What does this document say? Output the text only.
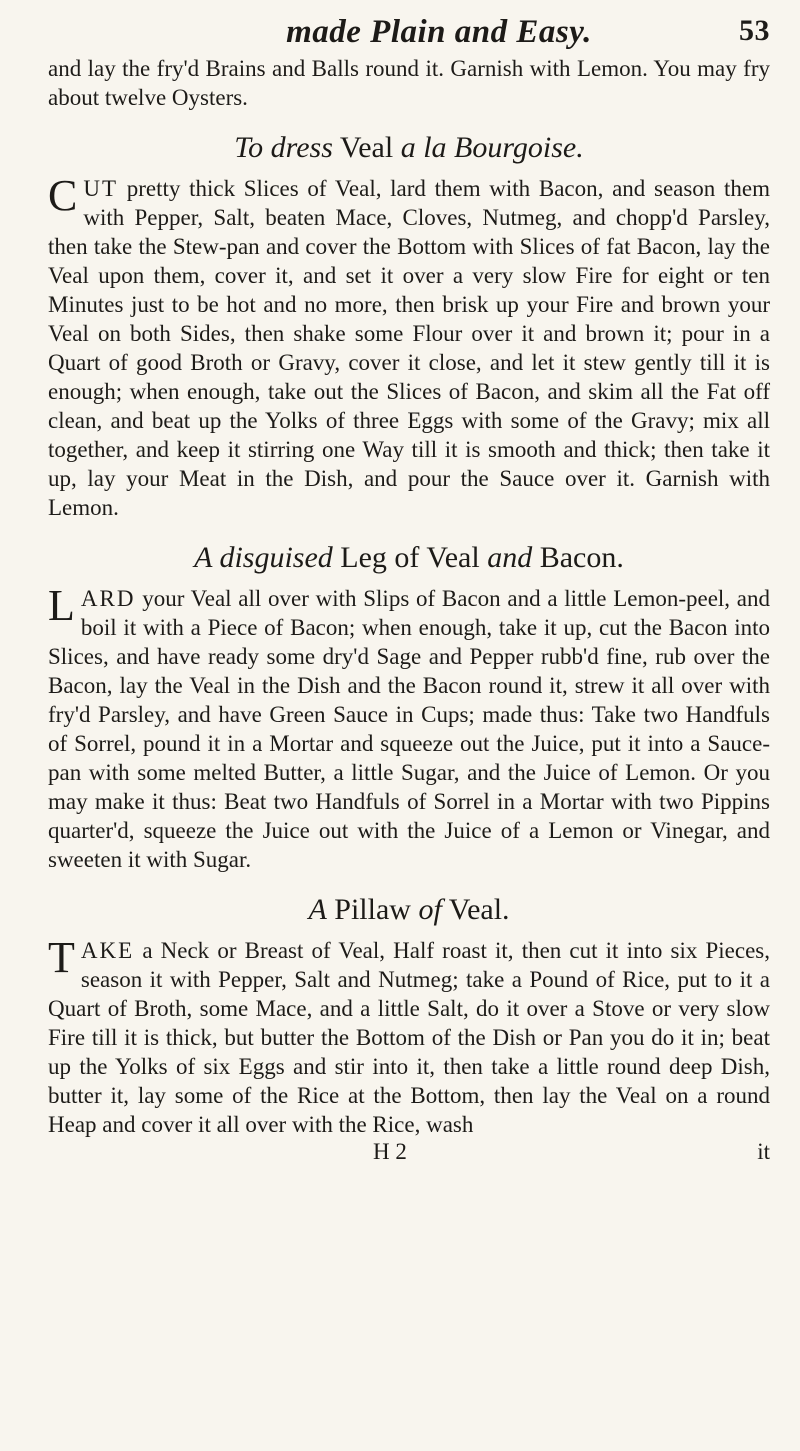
made Plain and Easy.	53

and lay the fry'd Brains and Balls round it. Garnish with Lemon. You may fry about twelve Oysters.

To dress Veal a la Bourgoise.

CUT pretty thick Slices of Veal, lard them with Bacon, and season them with Pepper, Salt, beaten Mace, Cloves, Nutmeg, and chopp'd Parsley, then take the Stew-pan and cover the Bottom with Slices of fat Bacon, lay the Veal upon them, cover it, and set it over a very slow Fire for eight or ten Minutes just to be hot and no more, then brisk up your Fire and brown your Veal on both Sides, then shake some Flour over it and brown it; pour in a Quart of good Broth or Gravy, cover it close, and let it stew gently till it is enough; when enough, take out the Slices of Bacon, and skim all the Fat off clean, and beat up the Yolks of three Eggs with some of the Gravy; mix all together, and keep it stirring one Way till it is smooth and thick; then take it up, lay your Meat in the Dish, and pour the Sauce over it. Garnish with Lemon.

A disguised Leg of Veal and Bacon.

LARD your Veal all over with Slips of Bacon and a little Lemon-peel, and boil it with a Piece of Bacon; when enough, take it up, cut the Bacon into Slices, and have ready some dry'd Sage and Pepper rubb'd fine, rub over the Bacon, lay the Veal in the Dish and the Bacon round it, strew it all over with fry'd Parsley, and have Green Sauce in Cups; made thus: Take two Handfuls of Sorrel, pound it in a Mortar and squeeze out the Juice, put it into a Sauce-pan with some melted Butter, a little Sugar, and the Juice of Lemon. Or you may make it thus: Beat two Handfuls of Sorrel in a Mortar with two Pippins quarter'd, squeeze the Juice out with the Juice of a Lemon or Vinegar, and sweeten it with Sugar.

A Pillaw of Veal.

TAKE a Neck or Breast of Veal, Half roast it, then cut it into six Pieces, season it with Pepper, Salt and Nutmeg; take a Pound of Rice, put to it a Quart of Broth, some Mace, and a little Salt, do it over a Stove or very slow Fire till it is thick, but butter the Bottom of the Dish or Pan you do it in; beat up the Yolks of six Eggs and stir into it, then take a little round deep Dish, butter it, lay some of the Rice at the Bottom, then lay the Veal on a round Heap and cover it all over with the Rice, wash

H 2	it
